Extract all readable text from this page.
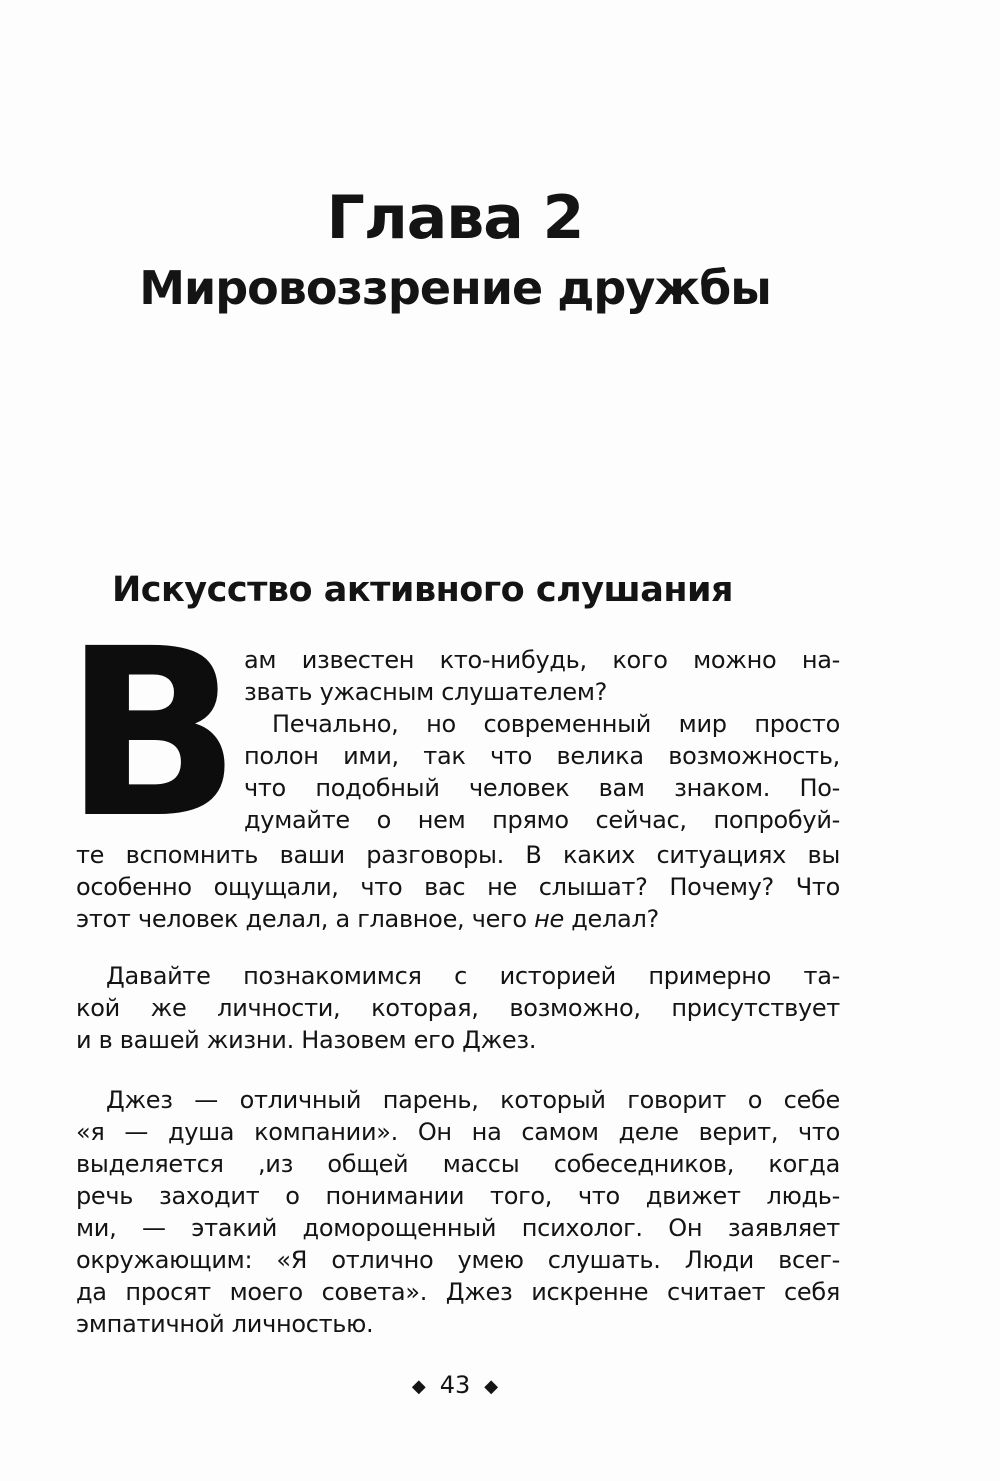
Глава 2
Мировоззрение дружбы
Искусство активного слушания
В ам известен кто-нибудь, кого можно на-
звать ужасным слушателем?
Печально, но современный мир просто
полон ими, так что велика возможность,
что подобный человек вам знаком. По-
думайте о нем прямо сейчас, попробуй-
те вспомнить ваши разговоры. В каких ситуациях вы
особенно ощущали, что вас не слышат? Почему? Что
этот человек делал, а главное, чего не делал?
Давайте познакомимся с историей примерно та-
кой же личности, которая, возможно, присутствует
и в вашей жизни. Назовем его Джез.
Джез — отличный парень, который говорит о себе
«я — душа компании». Он на самом деле верит, что
выделяется ,из общей массы собеседников, когда
речь заходит о понимании того, что движет людь-
ми, — этакий доморощенный психолог. Он заявляет
окружающим: «Я отлично умею слушать. Люди всег-
да просят моего совета». Джез искренне считает себя
эмпатичной личностью.
◆ 43 ◆
